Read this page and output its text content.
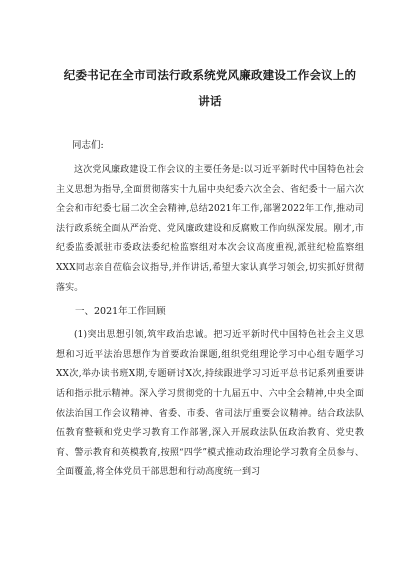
纪委书记在全市司法行政系统党风廉政建设工作会议上的
讲话

同志们:

这次党风廉政建设工作会议的主要任务是:以习近平新时代中国特色社会主义思想为指导,全面贯彻落实十九届中央纪委六次全会、省纪委十一届六次全会和市纪委七届二次全会精神,总结2021年工作,部署2022年工作,推动司法行政系统全面从严治党、党风廉政建设和反腐败工作向纵深发展。刚才,市纪委监委派驻市委政法委纪检监察组对本次会议高度重视,派驻纪检监察组XXX同志亲自莅临会议指导,并作讲话,希望大家认真学习领会,切实抓好贯彻落实。

一、2021年工作回顾

(1)突出思想引领,筑牢政治忠诚。把习近平新时代中国特色社会主义思想和习近平法治思想作为首要政治课题,组织党组理论学习中心组专题学习XX次,举办读书班X期,专题研讨X次,持续跟进学习习近平总书记系列重要讲话和指示批示精神。深入学习贯彻党的十九届五中、六中全会精神,中央全面依法治国工作会议精神、省委、市委、省司法厅重要会议精神。结合政法队伍教育整顿和党史学习教育工作部署,深入开展政法队伍政治教育、党史教育、警示教育和英模教育,按照“四学”模式推动政治理论学习教育全员参与、全面覆盖,将全体党员干部思想和行动高度统一到习
